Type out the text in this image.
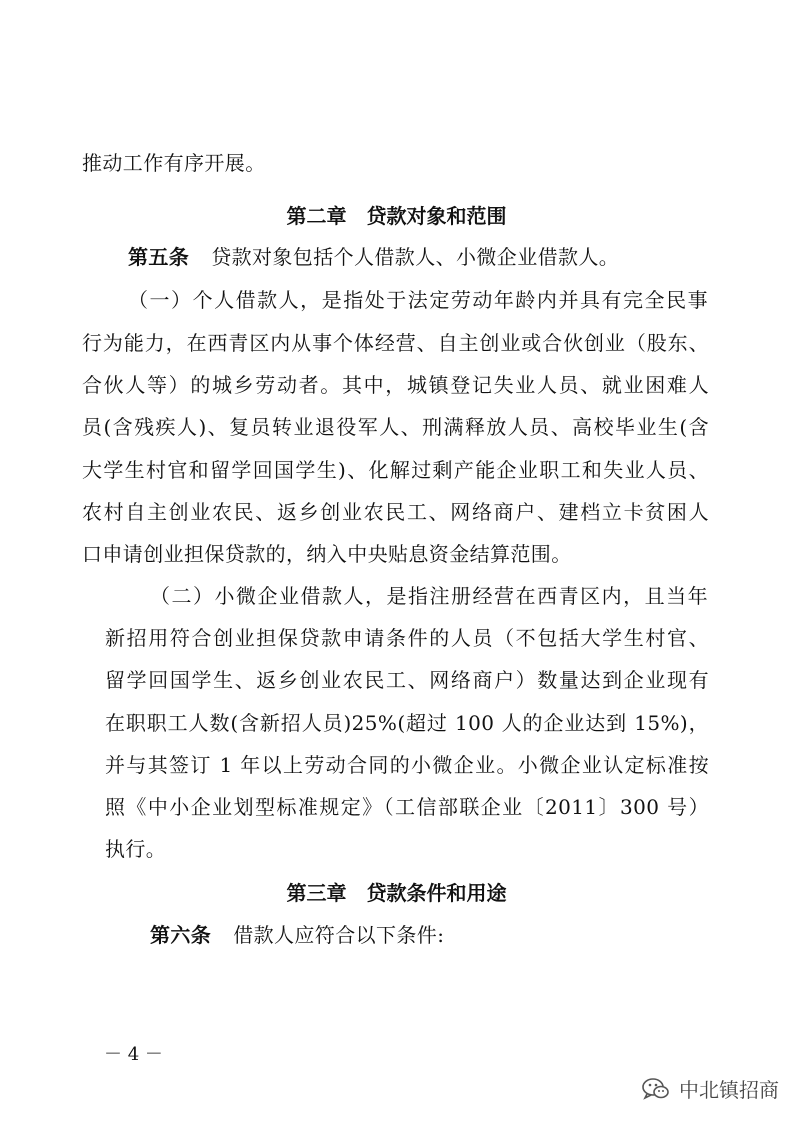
推动工作有序开展。
第二章　贷款对象和范围
第五条 贷款对象包括个人借款人、小微企业借款人。
（一）个人借款人，是指处于法定劳动年龄内并具有完全民事
行为能力，在西青区内从事个体经营、自主创业或合伙创业（股东、
合伙人等）的城乡劳动者。其中，城镇登记失业人员、就业困难人
员(含残疾人)、复员转业退役军人、刑满释放人员、高校毕业生(含
大学生村官和留学回国学生)、化解过剩产能企业职工和失业人员、
农村自主创业农民、返乡创业农民工、网络商户、建档立卡贫困人
口申请创业担保贷款的，纳入中央贴息资金结算范围。
（二）小微企业借款人，是指注册经营在西青区内，且当年
新招用符合创业担保贷款申请条件的人员（不包括大学生村官、
留学回国学生、返乡创业农民工、网络商户）数量达到企业现有
在职职工人数(含新招人员)25%(超过 100 人的企业达到 15%)，
并与其签订 1 年以上劳动合同的小微企业。小微企业认定标准按
照《中小企业划型标准规定》（工信部联企业〔2011〕300 号）
执行。
第三章　贷款条件和用途
第六条 借款人应符合以下条件:
－ 4 －
中北镇招商
